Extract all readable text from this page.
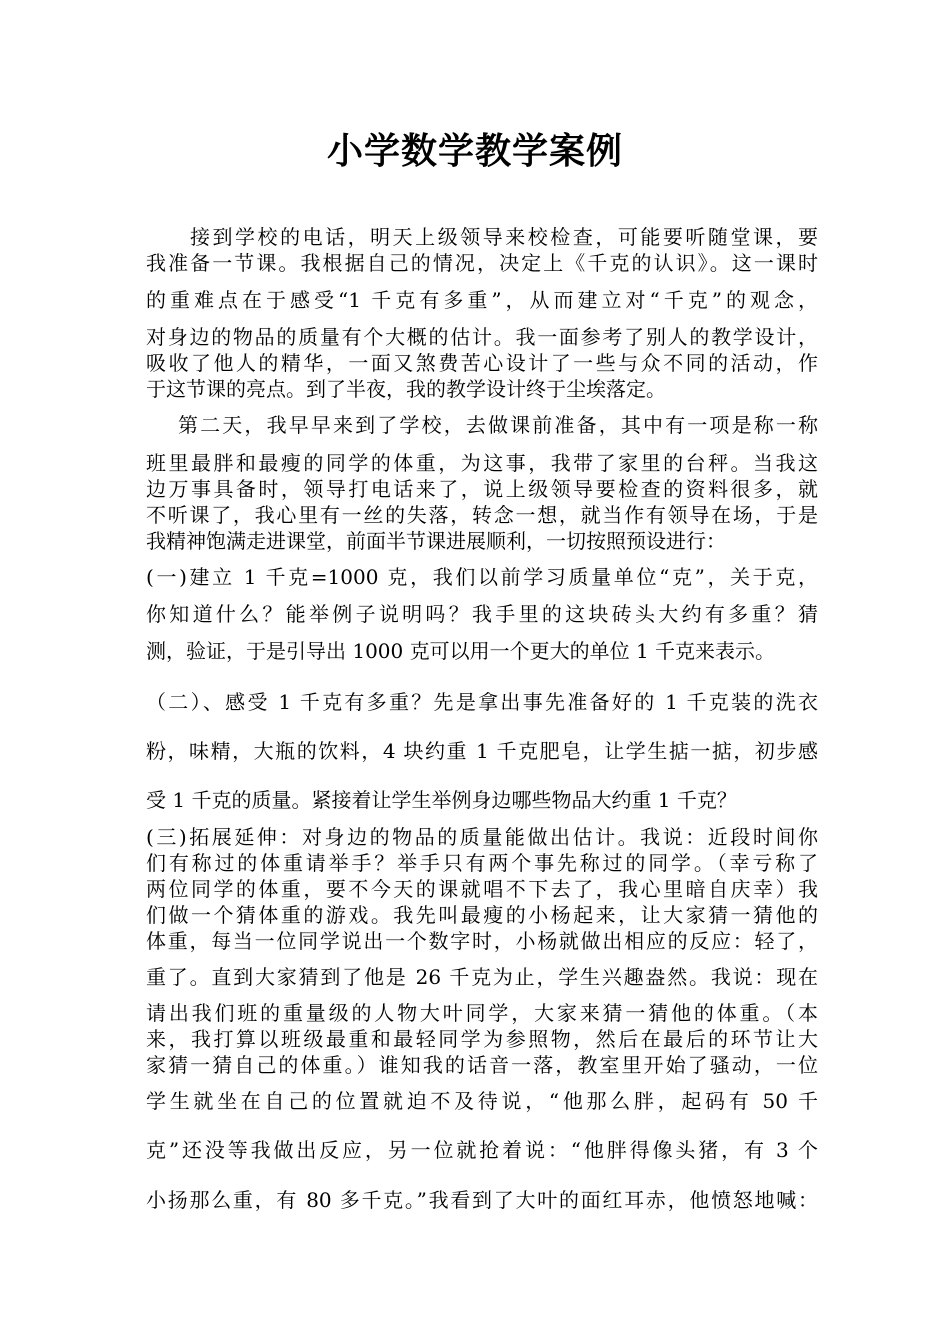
小学数学教学案例
接到学校的电话，明天上级领导来校检查，可能要听随堂课，要
我准备一节课。我根据自己的情况，决定上《千克的认识》。这一课时
的重难点在于感受“1 千克有多重”，从而建立对“千克”的观念，
对身边的物品的质量有个大概的估计。我一面参考了别人的教学设计，
吸收了他人的精华，一面又煞费苦心设计了一些与众不同的活动，作
于这节课的亮点。到了半夜，我的教学设计终于尘埃落定。
第二天，我早早来到了学校，去做课前准备，其中有一项是称一称
班里最胖和最瘦的同学的体重，为这事，我带了家里的台秤。当我这
边万事具备时，领导打电话来了，说上级领导要检查的资料很多，就
不听课了，我心里有一丝的失落，转念一想，就当作有领导在场，于是
我精神饱满走进课堂，前面半节课进展顺利，一切按照预设进行：
(一)建立 1 千克=1000 克，我们以前学习质量单位“克”，关于克，
你知道什么？能举例子说明吗？我手里的这块砖头大约有多重？猜
测，验证，于是引导出 1000 克可以用一个更大的单位 1 千克来表示。
（二）、感受 1 千克有多重？先是拿出事先准备好的 1 千克装的洗衣
粉，味精，大瓶的饮料，4 块约重 1 千克肥皂，让学生掂一掂，初步感
受 1 千克的质量。紧接着让学生举例身边哪些物品大约重 1 千克？
(三)拓展延伸：对身边的物品的质量能做出估计。我说：近段时间你
们有称过的体重请举手？举手只有两个事先称过的同学。（幸亏称了
两位同学的体重，要不今天的课就唱不下去了，我心里暗自庆幸）我
们做一个猜体重的游戏。我先叫最瘦的小杨起来，让大家猜一猜他的
体重，每当一位同学说出一个数字时，小杨就做出相应的反应：轻了，
重了。直到大家猜到了他是 26 千克为止，学生兴趣盎然。我说：现在
请出我们班的重量级的人物大叶同学，大家来猜一猜他的体重。（本
来，我打算以班级最重和最轻同学为参照物，然后在最后的环节让大
家猜一猜自己的体重。）谁知我的话音一落，教室里开始了骚动，一位
学生就坐在自己的位置就迫不及待说，“他那么胖，起码有 50 千
克”还没等我做出反应，另一位就抢着说：“他胖得像头猪，有 3 个
小扬那么重，有 80 多千克。”我看到了大叶的面红耳赤，他愤怒地喊：
